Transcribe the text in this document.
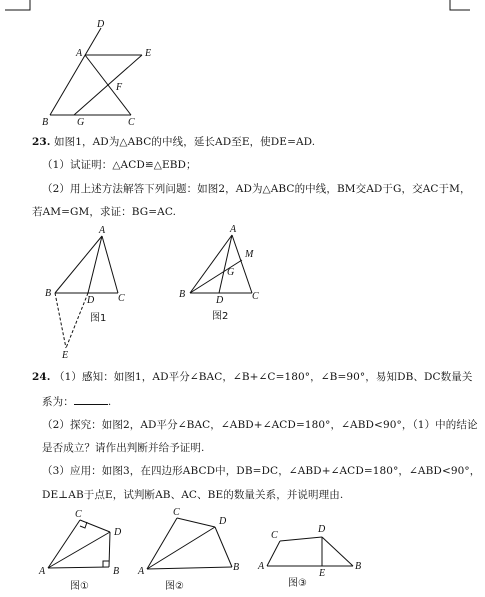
D
A	E
F
B	G	C
23. 如图1，AD为△ABC的中线，延长AD至E，使DE=AD.
（1）试证明：△ACD≌△EBD；
（2）用上述方法解答下列问题：如图2，AD为△ABC的中线，BM交AD于G，交AC于M，
若AM=GM，求证：BG=AC.
A
B
D C
E
图1
A
M
G
B
D	C
图2
24. （1）感知：如图1，AD平分∠BAC，∠B+∠C=180°，∠B=90°，易知DB、DC数量关
系为：	.
（2）探究：如图2，AD平分∠BAC，∠ABD+∠ACD=180°，∠ABD<90°，（1）中的结论
是否成立？请作出判断并给予证明.
（3）应用：如图3，在四边形ABCD中，DB=DC，∠ABD+∠ACD=180°，∠ABD<90°，
DE⊥AB于点E，试判断AB、AC、BE的数量关系，并说明理由.
C
D
A	B
图①
C
D
A	B
图②
C
D
A
E
B
图③
